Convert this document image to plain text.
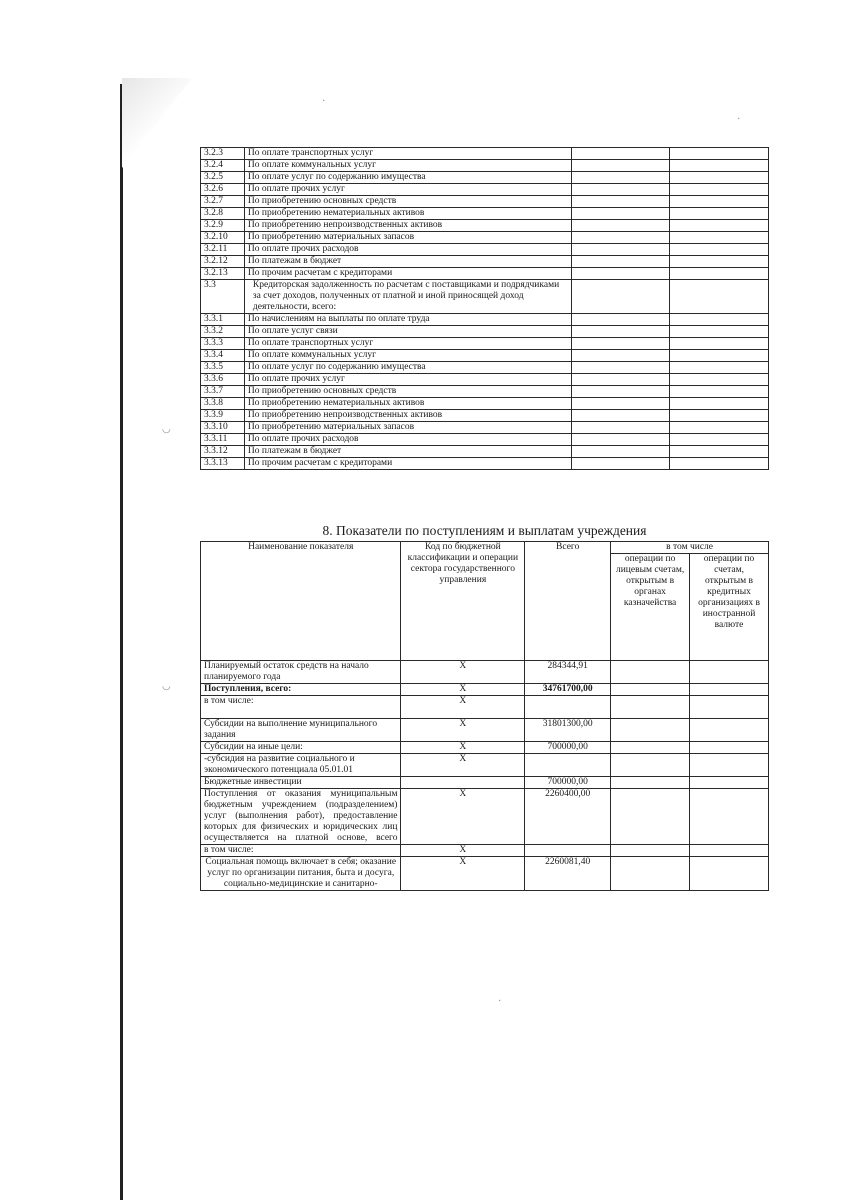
·
·
◡
◡
·
3.2.3	По оплате транспортных услуг		
3.2.4	По оплате коммунальных услуг		
3.2.5	По оплате услуг по содержанию имущества		
3.2.6	По оплате прочих услуг		
3.2.7	По приобретению основных средств		
3.2.8	По приобретению нематериальных активов		
3.2.9	По приобретению непроизводственных активов		
3.2.10	По приобретению материальных запасов		
3.2.11	По оплате прочих расходов		
3.2.12	По платежам в бюджет		
3.2.13	По прочим расчетам с кредиторами		
3.3	Кредиторская задолженность по расчетам с поставщиками и подрядчиками за счет доходов, полученных от платной и иной приносящей доход деятельности, всего:		
3.3.1	По начислениям на выплаты по оплате труда		
3.3.2	По оплате услуг связи		
3.3.3	По оплате транспортных услуг		
3.3.4	По оплате коммунальных услуг		
3.3.5	По оплате услуг по содержанию имущества		
3.3.6	По оплате прочих услуг		
3.3.7	По приобретению основных средств		
3.3.8	По приобретению нематериальных активов		
3.3.9	По приобретению непроизводственных активов		
3.3.10	По приобретению материальных запасов		
3.3.11	По оплате прочих расходов		
3.3.12	По платежам в бюджет		
3.3.13	По прочим расчетам с кредиторами		
8. Показатели по поступлениям и выплатам учреждения
Наименование показателя	Код по бюджетной классификации и операции сектора государственного управления	Всего	в том числе	
			операции по лицевым счетам, открытым в органах казначейства	операции по счетам, открытым в кредитных организациях в иностранной валюте
Планируемый остаток средств на начало планируемого года	X	284344,91		
Поступления, всего:	X	34761700,00		
в том числе:	X			
Субсидии на выполнение муниципального задания	X	31801300,00		
Субсидии на иные цели:	X	700000,00		
-субсидия на развитие социального и экономического потенциала 05.01.01	X			
Бюджетные инвестиции		700000,00		
Поступления от оказания муниципальным бюджетным учреждением (подразделением) услуг (выполнения работ), предоставление которых для физических и юридических лиц осуществляется на платной основе, всего	X	2260400,00		
в том числе:	X			
Социальная помощь включает в себя; оказание услуг по организации питания, быта и досуга, социально-медицинские и санитарно-	X	2260081,40		
